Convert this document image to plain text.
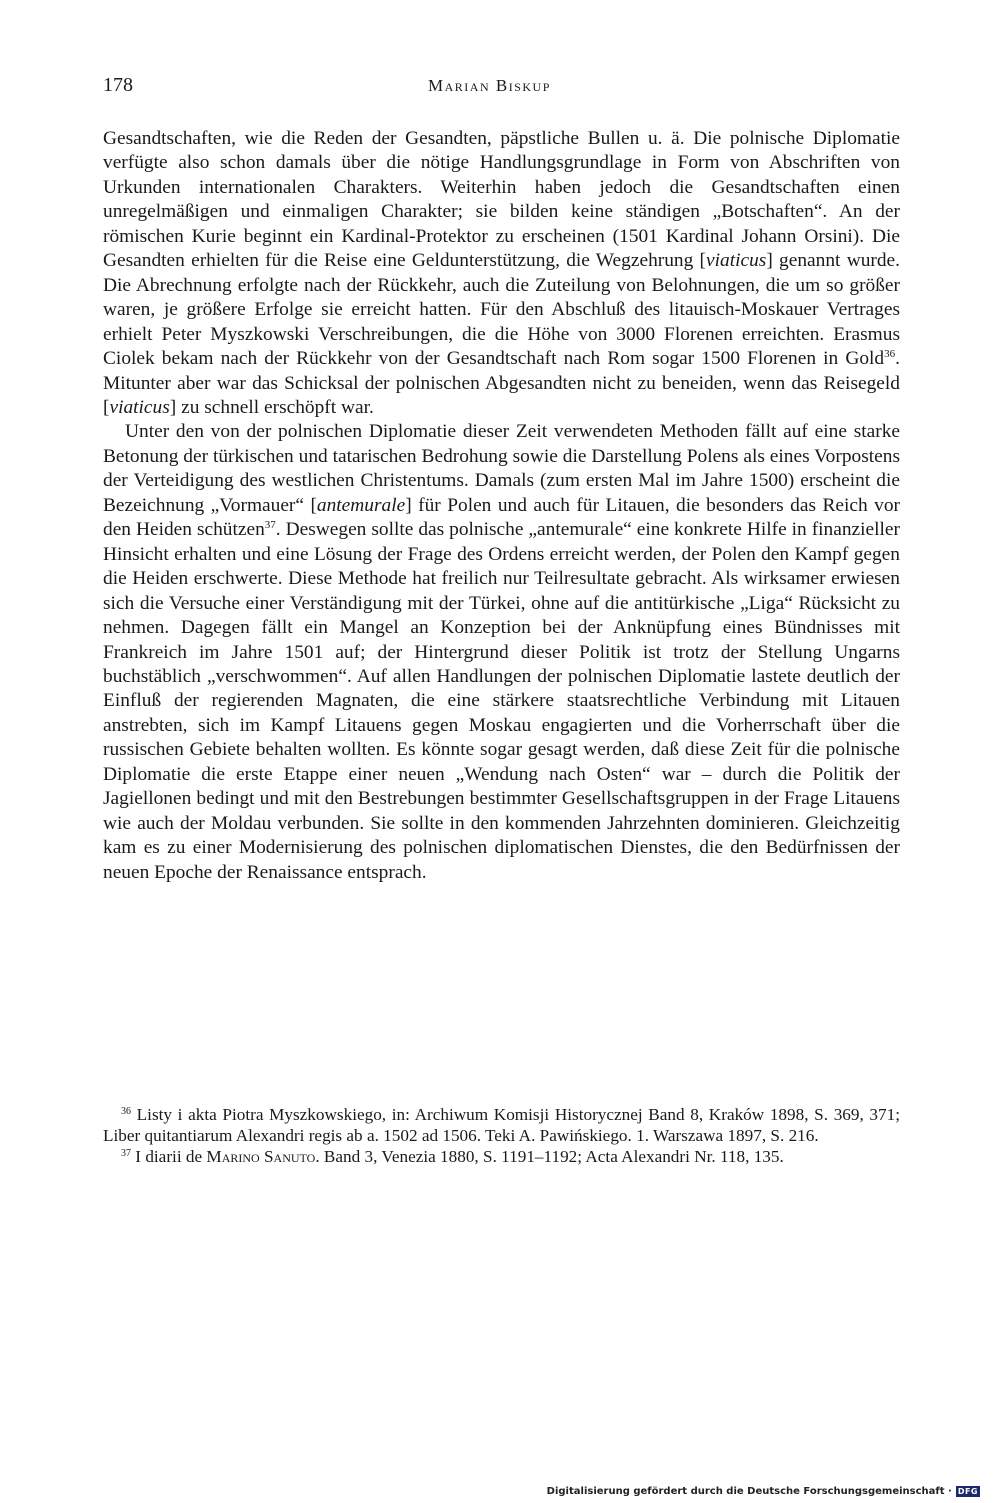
178	Marian Biskup

Gesandtschaften, wie die Reden der Gesandten, päpstliche Bullen u. ä. Die polnische Diplomatie verfügte also schon damals über die nötige Handlungsgrundlage in Form von Abschriften von Urkunden internationalen Charakters. Weiterhin haben jedoch die Gesandtschaften einen unregelmäßigen und einmaligen Charakter; sie bilden keine ständigen „Botschaften“. An der römischen Kurie beginnt ein Kardinal-Protektor zu erscheinen (1501 Kardinal Johann Orsini). Die Gesandten erhielten für die Reise eine Geldunterstützung, die Wegzehrung [viaticus] genannt wurde. Die Abrechnung erfolgte nach der Rückkehr, auch die Zuteilung von Belohnungen, die um so größer waren, je größere Erfolge sie erreicht hatten. Für den Abschluß des litauisch-Moskauer Vertrages erhielt Peter Myszkowski Verschreibungen, die die Höhe von 3000 Florenen erreichten. Erasmus Ciolek bekam nach der Rückkehr von der Gesandtschaft nach Rom sogar 1500 Florenen in Gold$^{36}$. Mitunter aber war das Schicksal der polnischen Abgesandten nicht zu beneiden, wenn das Reisegeld [viaticus] zu schnell erschöpft war.

Unter den von der polnischen Diplomatie dieser Zeit verwendeten Methoden fällt auf eine starke Betonung der türkischen und tatarischen Bedrohung sowie die Darstellung Polens als eines Vorpostens der Verteidigung des westlichen Christentums. Damals (zum ersten Mal im Jahre 1500) erscheint die Bezeichnung „Vormauer“ [antemurale] für Polen und auch für Litauen, die besonders das Reich vor den Heiden schützen$^{37}$. Deswegen sollte das polnische „antemurale“ eine konkrete Hilfe in finanzieller Hinsicht erhalten und eine Lösung der Frage des Ordens erreicht werden, der Polen den Kampf gegen die Heiden erschwerte. Diese Methode hat freilich nur Teilresultate gebracht. Als wirksamer erwiesen sich die Versuche einer Verständigung mit der Türkei, ohne auf die antitürkische „Liga“ Rücksicht zu nehmen. Dagegen fällt ein Mangel an Konzeption bei der Anknüpfung eines Bündnisses mit Frankreich im Jahre 1501 auf; der Hintergrund dieser Politik ist trotz der Stellung Ungarns buchstäblich „verschwommen“. Auf allen Handlungen der polnischen Diplomatie lastete deutlich der Einfluß der regierenden Magnaten, die eine stärkere staatsrechtliche Verbindung mit Litauen anstrebten, sich im Kampf Litauens gegen Moskau engagierten und die Vorherrschaft über die russischen Gebiete behalten wollten. Es könnte sogar gesagt werden, daß diese Zeit für die polnische Diplomatie die erste Etappe einer neuen „Wendung nach Osten“ war – durch die Politik der Jagiellonen bedingt und mit den Bestrebungen bestimmter Gesellschaftsgruppen in der Frage Litauens wie auch der Moldau verbunden. Sie sollte in den kommenden Jahrzehnten dominieren. Gleichzeitig kam es zu einer Modernisierung des polnischen diplomatischen Dienstes, die den Bedürfnissen der neuen Epoche der Renaissance entsprach.

$^{36}$ Listy i akta Piotra Myszkowskiego, in: Archiwum Komisji Historycznej Band 8, Kraków 1898, S. 369, 371; Liber quitantiarum Alexandri regis ab a. 1502 ad 1506. Teki A. Pawińskiego. 1. Warszawa 1897, S. 216.

$^{37}$ I diarii de Marino Sanuto. Band 3, Venezia 1880, S. 1191–1192; Acta Alexandri Nr. 118, 135.

Digitalisierung gefördert durch die Deutsche Forschungsgemeinschaft · DFG
